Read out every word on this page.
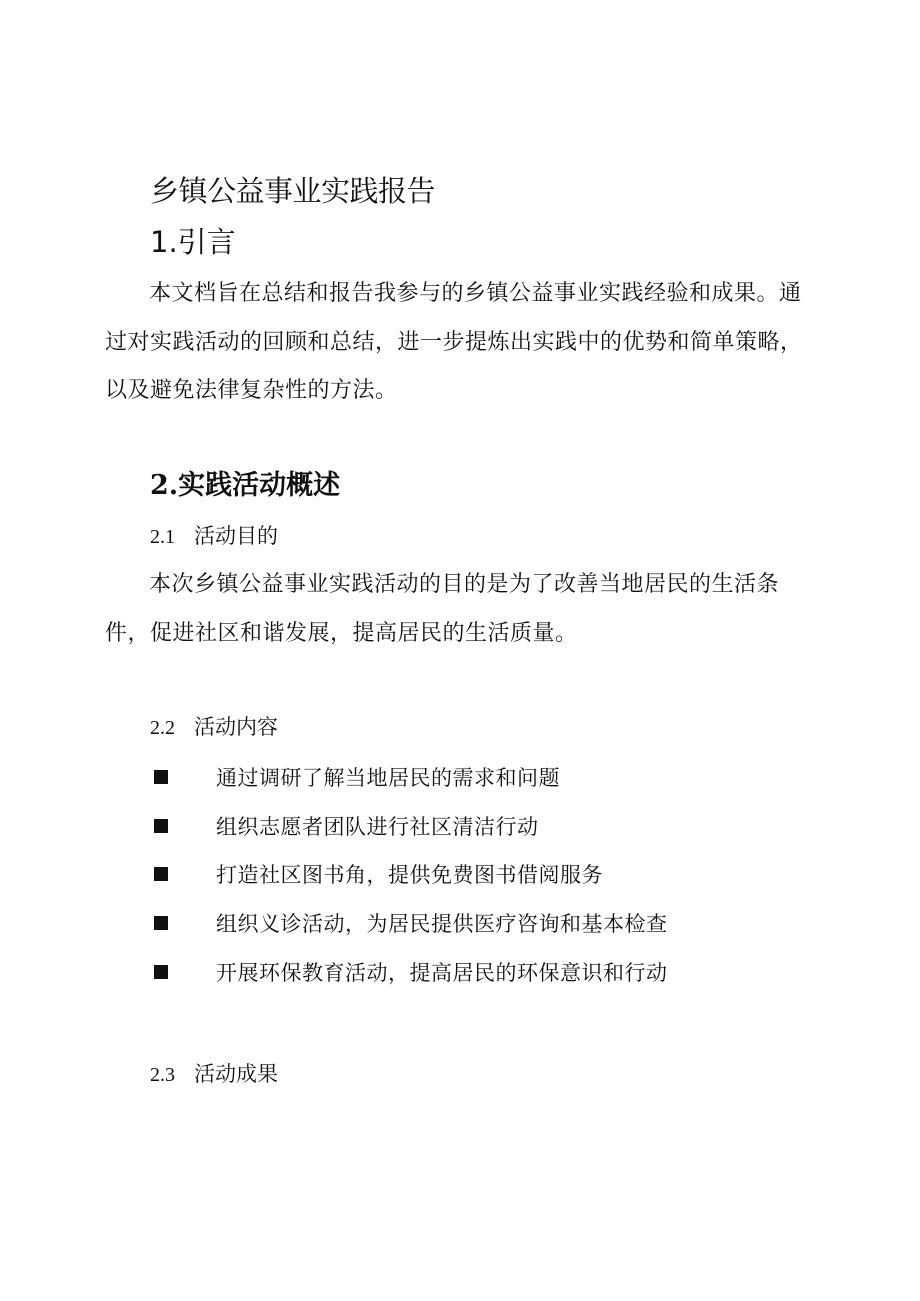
乡镇公益事业实践报告
1.引言

本文档旨在总结和报告我参与的乡镇公益事业实践经验和成果。通过对实践活动的回顾和总结，进一步提炼出实践中的优势和简单策略，以及避免法律复杂性的方法。

2.实践活动概述
2.1 活动目的

本次乡镇公益事业实践活动的目的是为了改善当地居民的生活条件，促进社区和谐发展，提高居民的生活质量。

2.2 活动内容
通过调研了解当地居民的需求和问题
组织志愿者团队进行社区清洁行动
打造社区图书角，提供免费图书借阅服务
组织义诊活动，为居民提供医疗咨询和基本检查
开展环保教育活动，提高居民的环保意识和行动
2.3 活动成果
